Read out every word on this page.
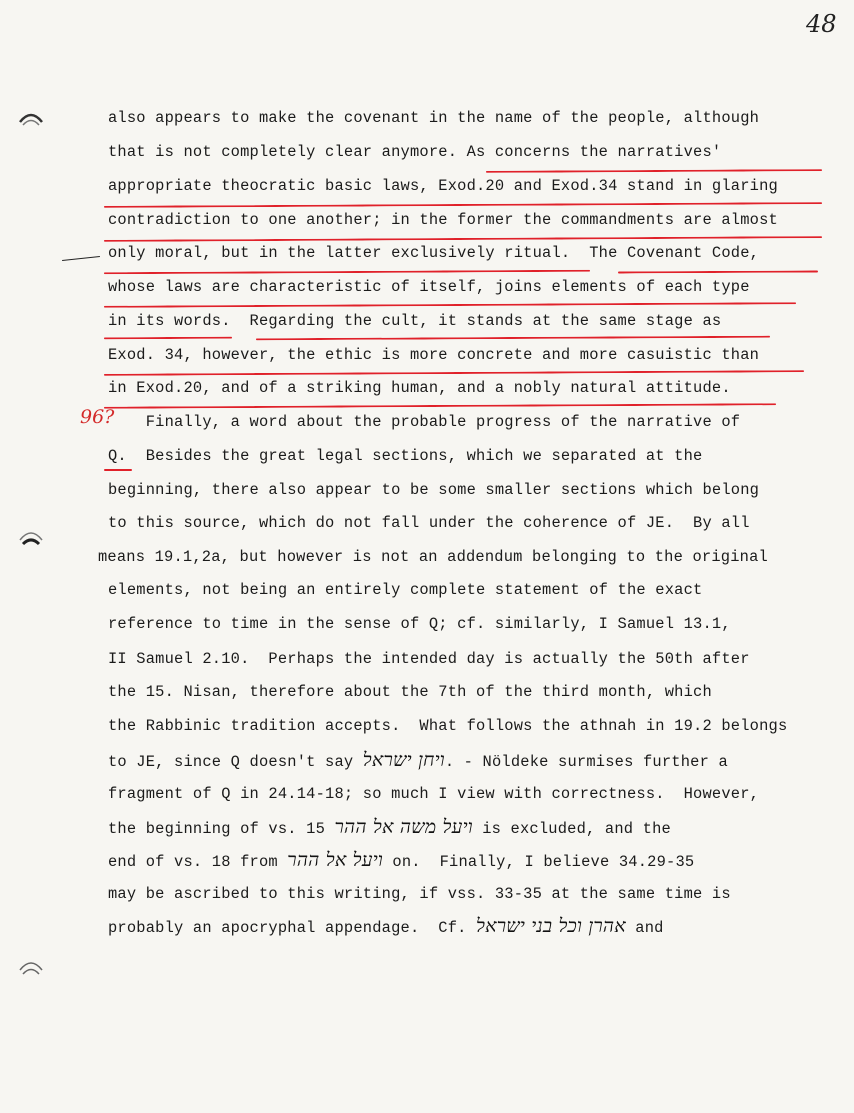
48
96?
also appears to make the covenant in the name of the people, although
that is not completely clear anymore. As concerns the narratives'
appropriate theocratic basic laws, Exod.20 and Exod.34 stand in glaring
contradiction to one another; in the former the commandments are almost
only moral, but in the latter exclusively ritual.  The Covenant Code,
whose laws are characteristic of itself, joins elements of each type
in its words.  Regarding the cult, it stands at the same stage as
Exod. 34, however, the ethic is more concrete and more casuistic than
in Exod.20, and of a striking human, and a nobly natural attitude.
Finally, a word about the probable progress of the narrative of
Q.  Besides the great legal sections, which we separated at the
beginning, there also appear to be some smaller sections which belong
to this source, which do not fall under the coherence of JE.  By all
means 19.1,2a, but however is not an addendum belonging to the original
elements, not being an entirely complete statement of the exact
reference to time in the sense of Q; cf. similarly, I Samuel 13.1,
II Samuel 2.10.  Perhaps the intended day is actually the 50th after
the 15. Nisan, therefore about the 7th of the third month, which
the Rabbinic tradition accepts.  What follows the athnah in 19.2 belongs
to JE, since Q doesn't say ויחן ישראל. - Nöldeke surmises further a
fragment of Q in 24.14-18; so much I view with correctness.  However,
the beginning of vs. 15 ויעל משה אל ההר is excluded, and the
end of vs. 18 from ויעל אל ההר on.  Finally, I believe 34.29-35
may be ascribed to this writing, if vss. 33-35 at the same time is
probably an apocryphal appendage.  Cf. אהרן וכל בני ישראל and
